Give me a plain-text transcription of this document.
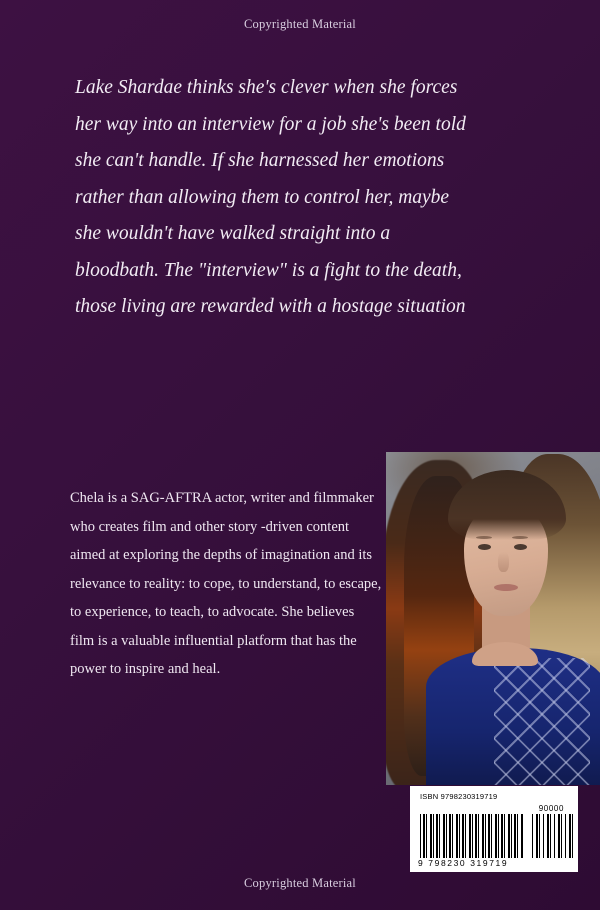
Copyrighted Material
Lake Shardae thinks she's clever when she forces her way into an interview for a job she's been told she can't handle. If she harnessed her emotions rather than allowing them to control her, maybe she wouldn't have walked straight into a bloodbath. The "interview" is a fight to the death, those living are rewarded with a hostage situation
Chela is a SAG-AFTRA actor, writer and filmmaker who creates film and other story -driven content aimed at exploring the depths of imagination and its relevance to reality: to cope, to understand, to escape, to experience, to teach, to advocate. She believes film is a valuable influential platform that has the power to inspire and heal.
ISBN 9798230319719
90000
9 798230 319719
Copyrighted Material
